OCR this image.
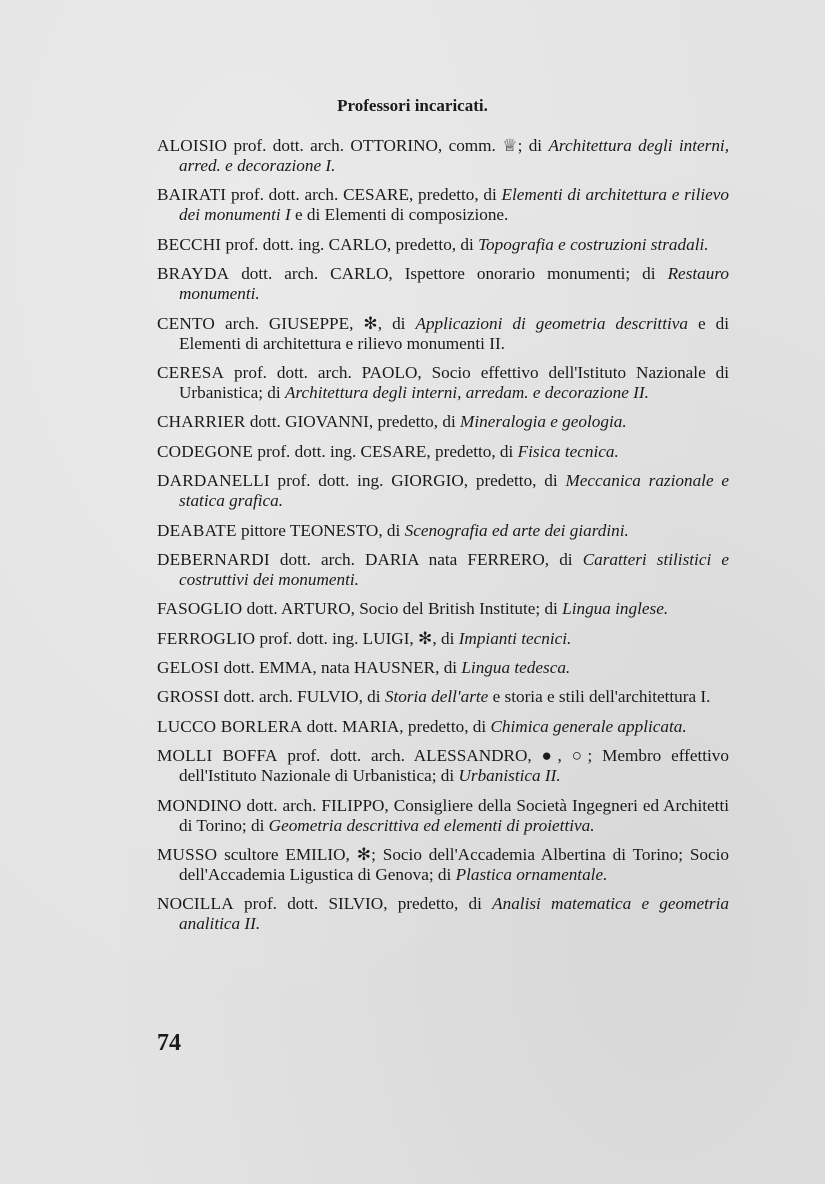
Professori incaricati.

ALOISIO prof. dott. arch. OTTORINO, comm. ♕; di Architettura degli interni, arred. e decorazione I.

BAIRATI prof. dott. arch. CESARE, predetto, di Elementi di architettura e rilievo dei monumenti I e di Elementi di composizione.

BECCHI prof. dott. ing. CARLO, predetto, di Topografia e costruzioni stradali.

BRAYDA dott. arch. CARLO, Ispettore onorario monumenti; di Restauro monumenti.

CENTO arch. GIUSEPPE, ✻, di Applicazioni di geometria descrittiva e di Elementi di architettura e rilievo monumenti II.

CERESA prof. dott. arch. PAOLO, Socio effettivo dell'Istituto Nazionale di Urbanistica; di Architettura degli interni, arredam. e decorazione II.

CHARRIER dott. GIOVANNI, predetto, di Mineralogia e geologia.

CODEGONE prof. dott. ing. CESARE, predetto, di Fisica tecnica.

DARDANELLI prof. dott. ing. GIORGIO, predetto, di Meccanica razionale e statica grafica.

DEABATE pittore TEONESTO, di Scenografia ed arte dei giardini.

DEBERNARDI dott. arch. DARIA nata FERRERO, di Caratteri stilistici e costruttivi dei monumenti.

FASOGLIO dott. ARTURO, Socio del British Institute; di Lingua inglese.

FERROGLIO prof. dott. ing. LUIGI, ✻, di Impianti tecnici.

GELOSI dott. EMMA, nata HAUSNER, di Lingua tedesca.

GROSSI dott. arch. FULVIO, di Storia dell'arte e storia e stili dell'architettura I.

LUCCO BORLERA dott. MARIA, predetto, di Chimica generale applicata.

MOLLI BOFFA prof. dott. arch. ALESSANDRO, ●, ○; Membro effettivo dell'Istituto Nazionale di Urbanistica; di Urbanistica II.

MONDINO dott. arch. FILIPPO, Consigliere della Società Ingegneri ed Architetti di Torino; di Geometria descrittiva ed elementi di proiettiva.

MUSSO scultore EMILIO, ✻; Socio dell'Accademia Albertina di Torino; Socio dell'Accademia Ligustica di Genova; di Plastica ornamentale.

NOCILLA prof. dott. SILVIO, predetto, di Analisi matematica e geometria analitica II.

74
